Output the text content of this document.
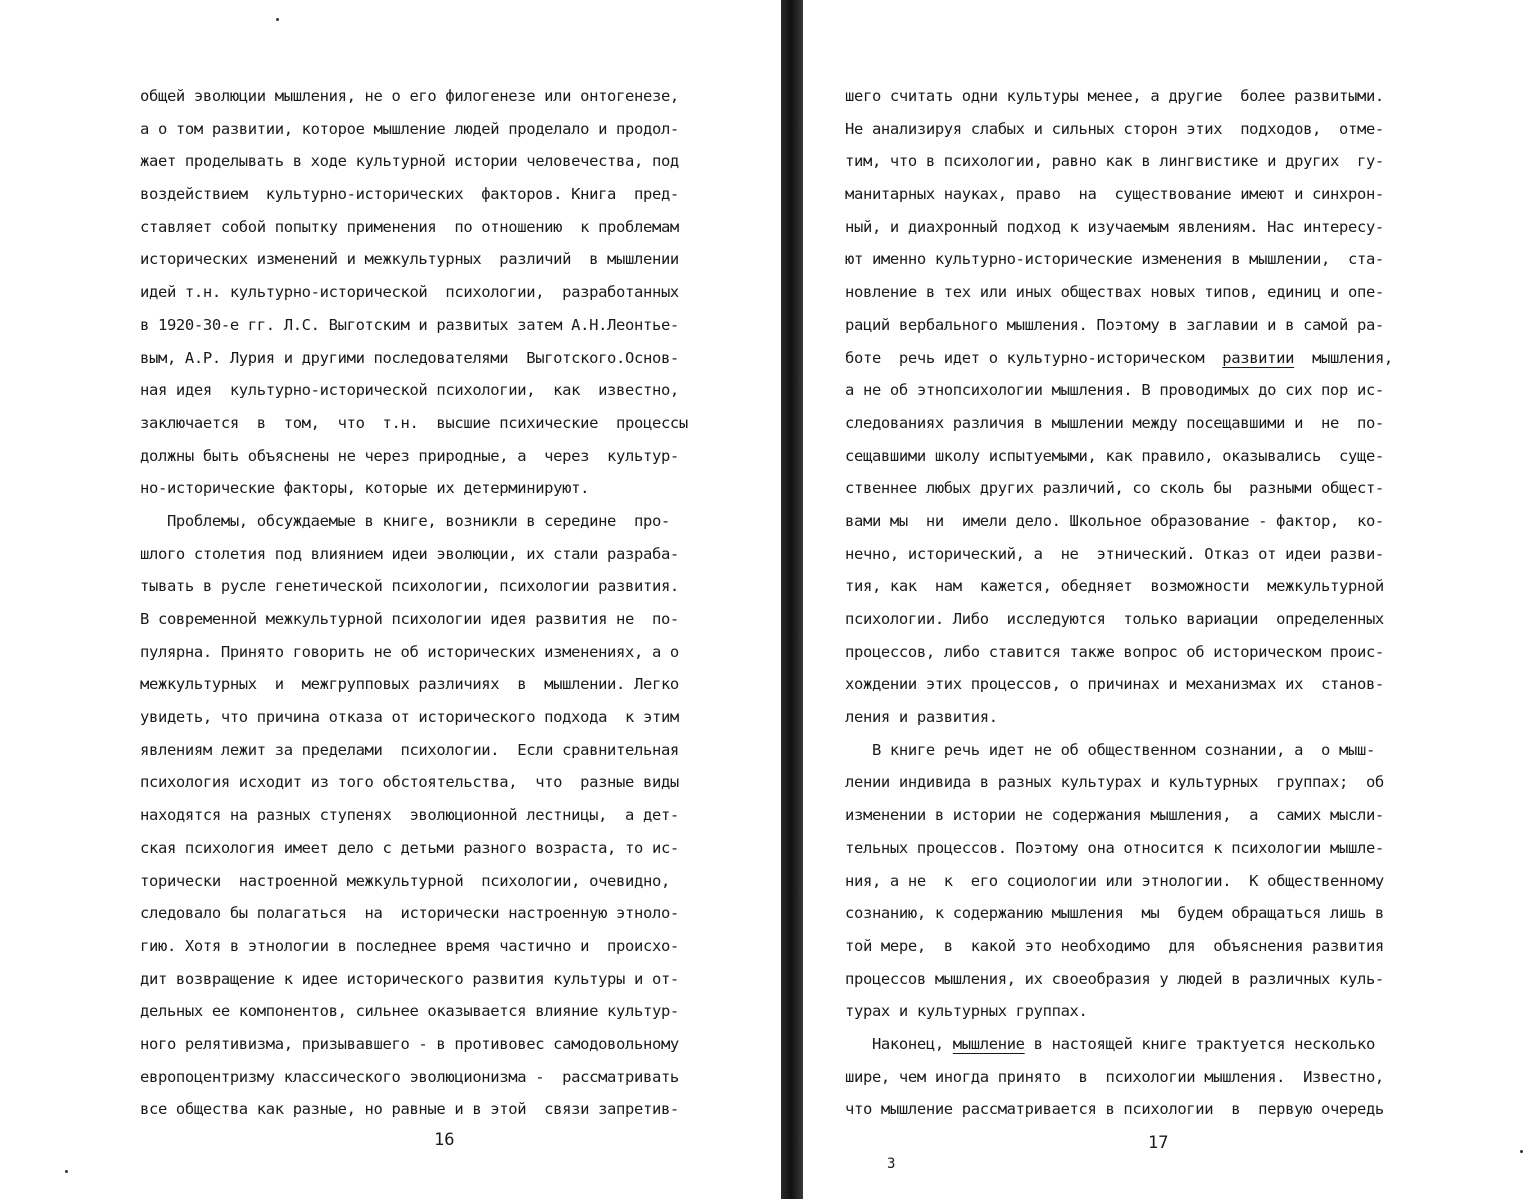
общей эволюции мышления, не о его филогенезе или онтогенезе,
а о том развитии, которое мышление людей проделало и продол-
жает проделывать в ходе культурной истории человечества, под
воздействием  культурно-исторических  факторов. Книга  пред-
ставляет собой попытку применения  по отношению  к проблемам
исторических изменений и межкультурных  различий  в мышлении
идей т.н. культурно-исторической  психологии,  разработанных
в 1920-30-е гг. Л.С. Выготским и развитых затем А.Н.Леонтье-
вым, А.Р. Лурия и другими последователями  Выготского.Основ-
ная идея  культурно-исторической психологии,  как  известно,
заключается  в  том,  что  т.н.  высшие психические  процессы
должны быть объяснены не через природные, а  через  культур-
но-исторические факторы, которые их детерминируют.
Проблемы, обсуждаемые в книге, возникли в середине  про-
шлого столетия под влиянием идеи эволюции, их стали разраба-
тывать в русле генетической психологии, психологии развития.
В современной межкультурной психологии идея развития не  по-
пулярна. Принято говорить не об исторических изменениях, а о
межкультурных  и  межгрупповых различиях  в  мышлении. Легко
увидеть, что причина отказа от исторического подхода  к этим
явлениям лежит за пределами  психологии.  Если сравнительная
психология исходит из того обстоятельства,  что  разные виды
находятся на разных ступенях  эволюционной лестницы,  а дет-
ская психология имеет дело с детьми разного возраста, то ис-
торически  настроенной межкультурной  психологии, очевидно,
следовало бы полагаться  на  исторически настроенную этноло-
гию. Хотя в этнологии в последнее время частично и  происхо-
дит возвращение к идее исторического развития культуры и от-
дельных ее компонентов, сильнее оказывается влияние культур-
ного релятивизма, призывавшего - в противовес самодовольному
европоцентризму классического эволюционизма -  рассматривать
все общества как разные, но равные и в этой  связи запретив-
16
шего считать одни культуры менее, а другие  более развитыми.
Не анализируя слабых и сильных сторон этих  подходов,  отме-
тим, что в психологии, равно как в лингвистике и других  гу-
манитарных науках, право  на  существование имеют и синхрон-
ный, и диахронный подход к изучаемым явлениям. Нас интересу-
ют именно культурно-исторические изменения в мышлении,  ста-
новление в тех или иных обществах новых типов, единиц и опе-
раций вербального мышления. Поэтому в заглавии и в самой ра-
боте  речь идет о культурно-историческом  развитии  мышления,
а не об этнопсихологии мышления. В проводимых до сих пор ис-
следованиях различия в мышлении между посещавшими и  не  по-
сещавшими школу испытуемыми, как правило, оказывались  суще-
ственнее любых других различий, со сколь бы  разными общест-
вами мы  ни  имели дело. Школьное образование - фактор,  ко-
нечно, исторический, а  не  этнический. Отказ от идеи разви-
тия, как  нам  кажется, обедняет  возможности  межкультурной
психологии. Либо  исследуются  только вариации  определенных
процессов, либо ставится также вопрос об историческом проис-
хождении этих процессов, о причинах и механизмах их  станов-
ления и развития.
В книге речь идет не об общественном сознании, а  о мыш-
лении индивида в разных культурах и культурных  группах;  об
изменении в истории не содержания мышления,  а  самих мысли-
тельных процессов. Поэтому она относится к психологии мышле-
ния, а не  к  его социологии или этнологии.  К общественному
сознанию, к содержанию мышления  мы  будем обращаться лишь в
той мере,  в  какой это необходимо  для  объяснения развития
процессов мышления, их своеобразия у людей в различных куль-
турах и культурных группах.
Наконец, мышление в настоящей книге трактуется несколько
шире, чем иногда принято  в  психологии мышления.  Известно,
что мышление рассматривается в психологии  в  первую очередь
17
3
